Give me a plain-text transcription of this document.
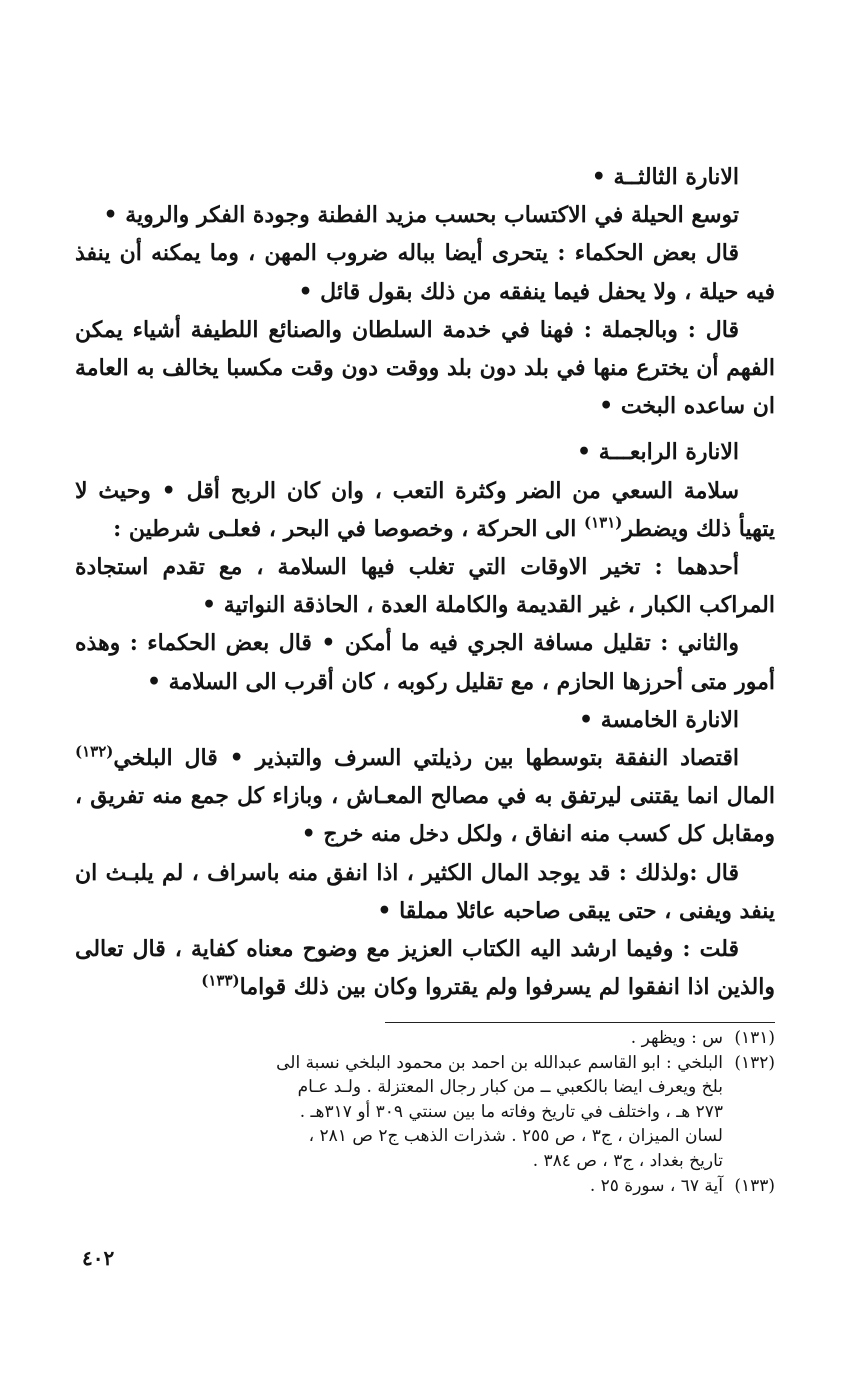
الانارة الثالثــة •

توسع الحيلة في الاكتساب بحسب مزيد الفطنة وجودة الفكر والروية •

قال بعض الحكماء : يتحرى أيضا بباله ضروب المهن ، وما يمكنه أن ينفذ فيه حيلة ، ولا يحفل فيما ينفقه من ذلك بقول قائل •

قال : وبالجملة : فهنا في خدمة السلطان والصنائع اللطيفة أشياء يمكن الفهم أن يخترع منها في بلد دون بلد ووقت دون وقت مكسبا يخالف به العامة ان ساعده البخت •

الانارة الرابعـــة •

سلامة السعي من الضر وكثرة التعب ، وان كان الربح أقل • وحيث لا يتهيأ ذلك ويضطر$^{(١٣١)}$ الى الحركة ، وخصوصا في البحر ، فعلـى شرطين :

أحدهما : تخير الاوقات التي تغلب فيها السلامة ، مع تقدم استجادة المراكب الكبار ، غير القديمة والكاملة العدة ، الحاذقة النواتية •

والثاني : تقليل مسافة الجري فيه ما أمكن • قال بعض الحكماء : وهذه أمور متى أحرزها الحازم ، مع تقليل ركوبه ، كان أقرب الى السلامة •

الانارة الخامسة •

اقتصاد النفقة بتوسطها بين رذيلتي السرف والتبذير • قال البلخي$^{(١٣٢)}$ المال انما يقتنى ليرتفق به في مصالح المعـاش ، وبازاء كل جمع منه تفريق ، ومقابل كل كسب منه انفاق ، ولكل دخل منه خرج •

قال :ولذلك : قد يوجد المال الكثير ، اذا انفق منه باسراف ، لم يلبـث ان ينفد ويفنى ، حتى يبقى صاحبه عائلا مملقا •

قلت : وفيما ارشد اليه الكتاب العزيز مع وضوح معناه كفاية ، قال تعالى والذين اذا انفقوا لم يسرفوا ولم يقتروا وكان بين ذلك قواما$^{(١٣٣)}$

(١٣١)
س : ويظهر .
(١٣٢)
البلخي : ابو القاسم عبدالله بن احمد بن محمود البلخي نسبة الى
بلخ ويعرف ايضا بالكعبي ــ من كبار رجال المعتزلة . ولـد عـام
٢٧٣ هـ ، واختلف في تاريخ وفاته ما بين سنتي ٣٠٩ أو ٣١٧هـ .
لسان الميزان ، ج٣ ، ص ٢٥٥ . شذرات الذهب ج٢ ص ٢٨١ ،
تاريخ بغداد ، ج٣ ، ص ٣٨٤ .
(١٣٣)
آية ٦٧ ، سورة ٢٥ .
٤٠٢
